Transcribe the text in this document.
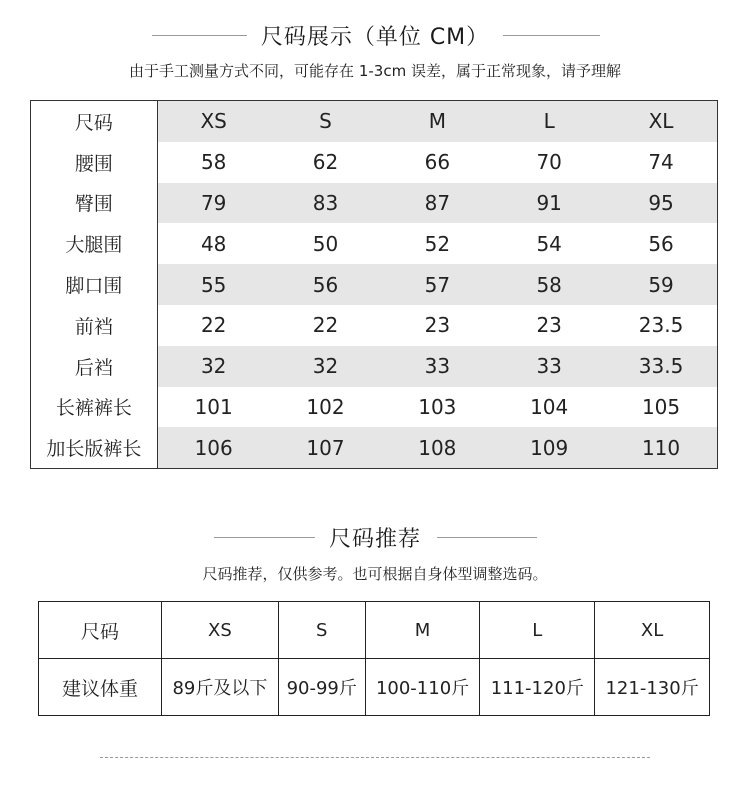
尺码展示（单位 CM）
由于手工测量方式不同，可能存在 1-3cm 误差，属于正常现象，请予理解
尺码	XS	S	M	L	XL
腰围	58	62	66	70	74
臀围	79	83	87	91	95
大腿围	48	50	52	54	56
脚口围	55	56	57	58	59
前裆	22	22	23	23	23.5
后裆	32	32	33	33	33.5
长裤裤长	101	102	103	104	105
加长版裤长	106	107	108	109	110
尺码推荐
尺码推荐，仅供参考。也可根据自身体型调整选码。
尺码	XS	S	M	L	XL
建议体重	89斤及以下	90-99斤	100-110斤	111-120斤	121-130斤
